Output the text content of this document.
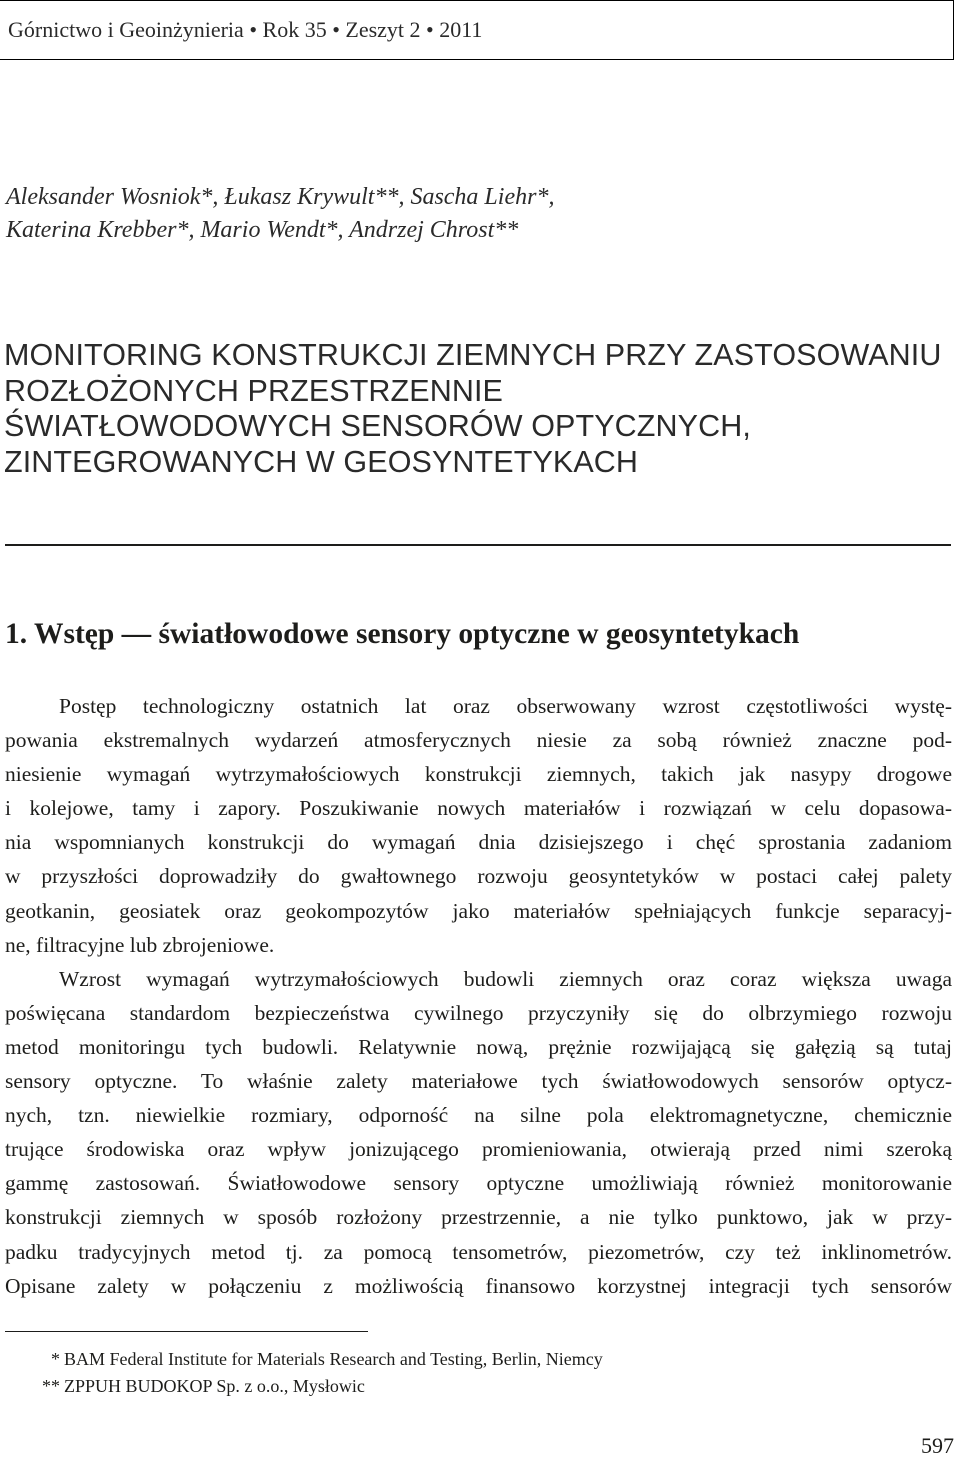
Górnictwo i Geoinżynieria • Rok 35 • Zeszyt 2 • 2011
Aleksander Wosniok*, Łukasz Krywult**, Sascha Liehr*,
Katerina Krebber*, Mario Wendt*, Andrzej Chrost**
MONITORING KONSTRUKCJI ZIEMNYCH PRZY ZASTOSOWANIU
ROZŁOŻONYCH PRZESTRZENNIE
ŚWIATŁOWODOWYCH SENSORÓW OPTYCZNYCH,
ZINTEGROWANYCH W GEOSYNTETYKACH
1. Wstęp — światłowodowe sensory optyczne w geosyntetykach
Postęp technologiczny ostatnich lat oraz obserwowany wzrost częstotliwości wystę-
powania ekstremalnych wydarzeń atmosferycznych niesie za sobą również znaczne pod-
niesienie wymagań wytrzymałościowych konstrukcji ziemnych, takich jak nasypy drogowe
i kolejowe, tamy i zapory. Poszukiwanie nowych materiałów i rozwiązań w celu dopasowa-
nia wspomnianych konstrukcji do wymagań dnia dzisiejszego i chęć sprostania zadaniom
w przyszłości doprowadziły do gwałtownego rozwoju geosyntetyków w postaci całej palety
geotkanin, geosiatek oraz geokompozytów jako materiałów spełniających funkcje separacyj-
ne, filtracyjne lub zbrojeniowe.
Wzrost wymagań wytrzymałościowych budowli ziemnych oraz coraz większa uwaga
poświęcana standardom bezpieczeństwa cywilnego przyczyniły się do olbrzymiego rozwoju
metod monitoringu tych budowli. Relatywnie nową, prężnie rozwijającą się gałęzią są tutaj
sensory optyczne. To właśnie zalety materiałowe tych światłowodowych sensorów optycz-
nych, tzn. niewielkie rozmiary, odporność na silne pola elektromagnetyczne, chemicznie
trujące środowiska oraz wpływ jonizującego promieniowania, otwierają przed nimi szeroką
gammę zastosowań. Światłowodowe sensory optyczne umożliwiają również monitorowanie
konstrukcji ziemnych w sposób rozłożony przestrzennie, a nie tylko punktowo, jak w przy-
padku tradycyjnych metod tj. za pomocą tensometrów, piezometrów, czy też inklinometrów.
Opisane zalety w połączeniu z możliwością finansowo korzystnej integracji tych sensorów
* BAM Federal Institute for Materials Research and Testing, Berlin, Niemcy
** ZPPUH BUDOKOP Sp. z o.o., Mysłowic
597
